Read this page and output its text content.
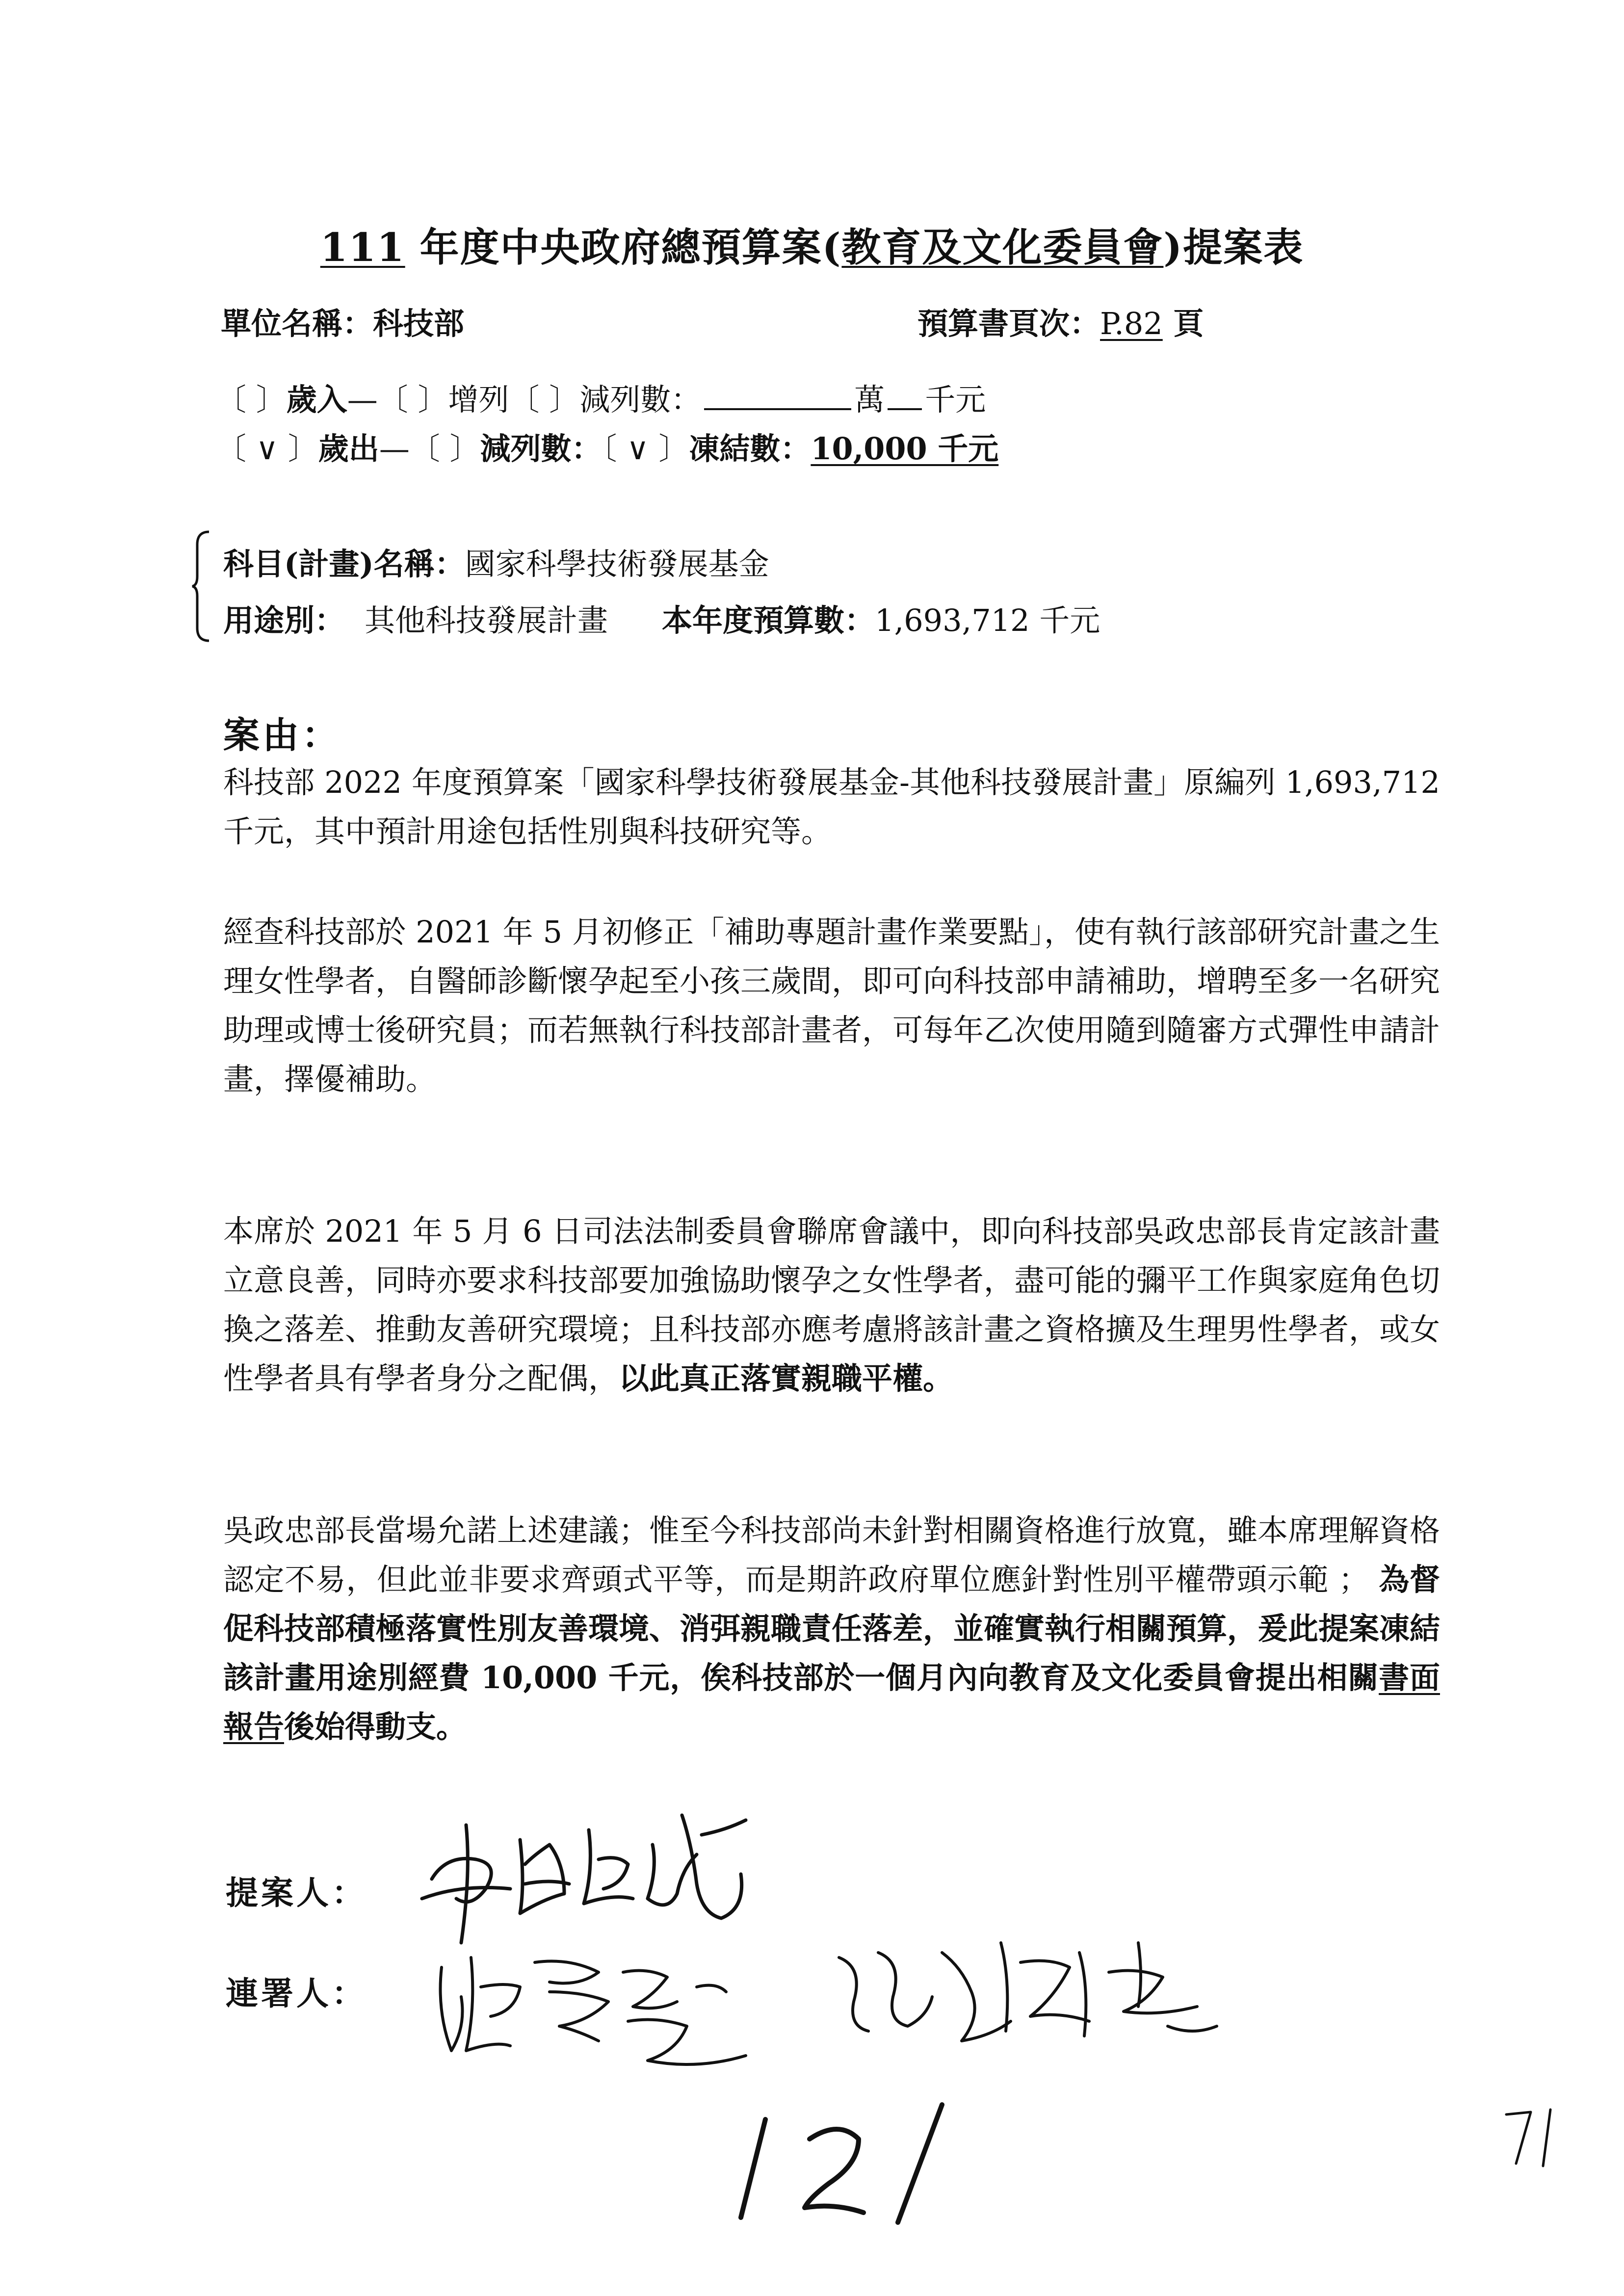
111 年度中央政府總預算案(教育及文化委員會)提案表
單位名稱：科技部	預算書頁次：P.82 頁
〔 〕歲入—〔 〕增列〔 〕減列數：	萬 千元
〔 ∨ 〕歲出—〔 〕減列數：〔 ∨ 〕凍結數：10,000 千元
科目(計畫)名稱：國家科學技術發展基金
用途別： 其他科技發展計畫 本年度預算數：1,693,712 千元
案由：
科技部 2022 年度預算案「國家科學技術發展基金-其他科技發展計畫」原編列 1,693,712 千元，其中預計用途包括性別與科技研究等。
經查科技部於 2021 年 5 月初修正「補助專題計畫作業要點」，使有執行該部研究計畫之生理女性學者，自醫師診斷懷孕起至小孩三歲間，即可向科技部申請補助，增聘至多一名研究助理或博士後研究員；而若無執行科技部計畫者，可每年乙次使用隨到隨審方式彈性申請計畫，擇優補助。
本席於 2021 年 5 月 6 日司法法制委員會聯席會議中，即向科技部吳政忠部長肯定該計畫立意良善，同時亦要求科技部要加強協助懷孕之女性學者，盡可能的彌平工作與家庭角色切換之落差、推動友善研究環境；且科技部亦應考慮將該計畫之資格擴及生理男性學者，或女性學者具有學者身分之配偶，以此真正落實親職平權。
吳政忠部長當場允諾上述建議；惟至今科技部尚未針對相關資格進行放寬，雖本席理解資格認定不易，但此並非要求齊頭式平等，而是期許政府單位應針對性別平權帶頭示範 ； 為督促科技部積極落實性別友善環境、消弭親職責任落差，並確實執行相關預算，爰此提案凍結該計畫用途別經費 10,000 千元，俟科技部於一個月內向教育及文化委員會提出相關書面報告後始得動支。
提案人：
連署人：
